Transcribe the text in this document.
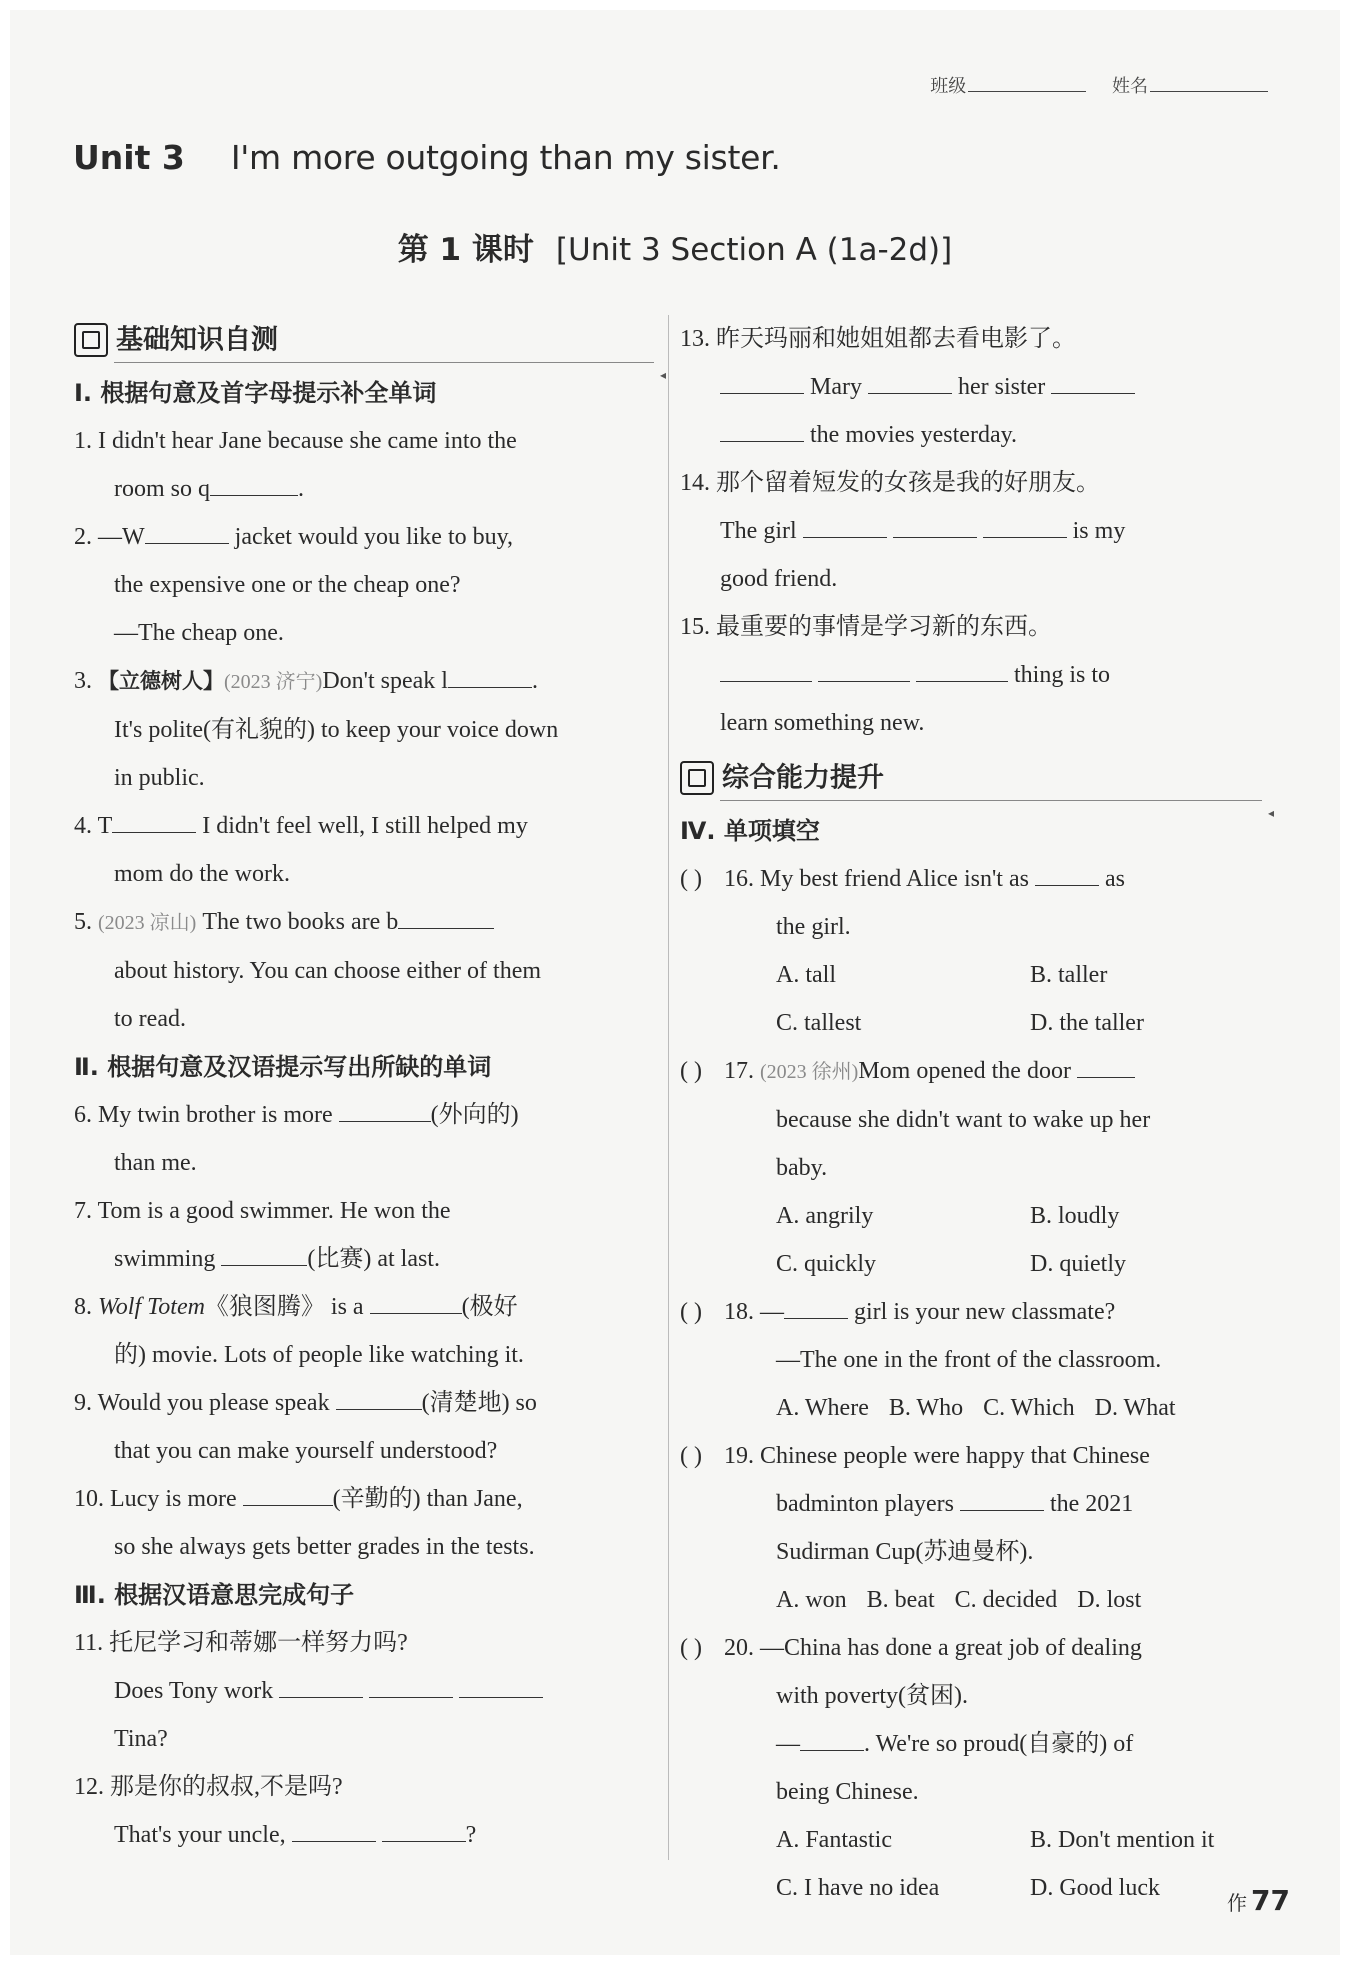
班级	姓名
Unit 3 I'm more outgoing than my sister.
第 1 课时 [Unit 3 Section A (1a-2d)]
基础知识自测
◂
Ⅰ. 根据句意及首字母提示补全单词
1. I didn't hear Jane because she came into the
room so q	.
2. —W	jacket would you like to buy,
the expensive one or the cheap one?
—The cheap one.
3. 【立德树人】(2023 济宁)Don't speak l	.
It's polite(有礼貌的) to keep your voice down
in public.
4. T	I didn't feel well, I still helped my
mom do the work.
5. (2023 凉山) The two books are b
about history. You can choose either of them
to read.
Ⅱ. 根据句意及汉语提示写出所缺的单词
6. My twin brother is more	(外向的)
than me.
7. Tom is a good swimmer. He won the
swimming	(比赛) at last.
8. Wolf Totem《狼图腾》 is a	(极好
的) movie. Lots of people like watching it.
9. Would you please speak	(清楚地) so
that you can make yourself understood?
10. Lucy is more	(辛勤的) than Jane,
so she always gets better grades in the tests.
Ⅲ. 根据汉语意思完成句子
11. 托尼学习和蒂娜一样努力吗?
Does Tony work
Tina?
12. 那是你的叔叔,不是吗?
That's your uncle,	?
13. 昨天玛丽和她姐姐都去看电影了。
Mary	her sister
the movies yesterday.
14. 那个留着短发的女孩是我的好朋友。
The girl	is my
good friend.
15. 最重要的事情是学习新的东西。
thing is to
learn something new.
综合能力提升
◂
Ⅳ. 单项填空
( ) 16. My best friend Alice isn't as	as
the girl.
A. tall	B. taller
C. tallest	D. the taller
( ) 17. (2023 徐州)Mom opened the door
because she didn't want to wake up her
baby.
A. angrily	B. loudly
C. quickly	D. quietly
( ) 18. —	girl is your new classmate?
—The one in the front of the classroom.
A. Where B. Who C. Which D. What
( ) 19. Chinese people were happy that Chinese
badminton players	the 2021
Sudirman Cup(苏迪曼杯).
A. won B. beat C. decided D. lost
( ) 20. —China has done a great job of dealing
with poverty(贫困).
—	. We're so proud(自豪的) of
being Chinese.
A. Fantastic	B. Don't mention it
C. I have no idea	D. Good luck
作 77
